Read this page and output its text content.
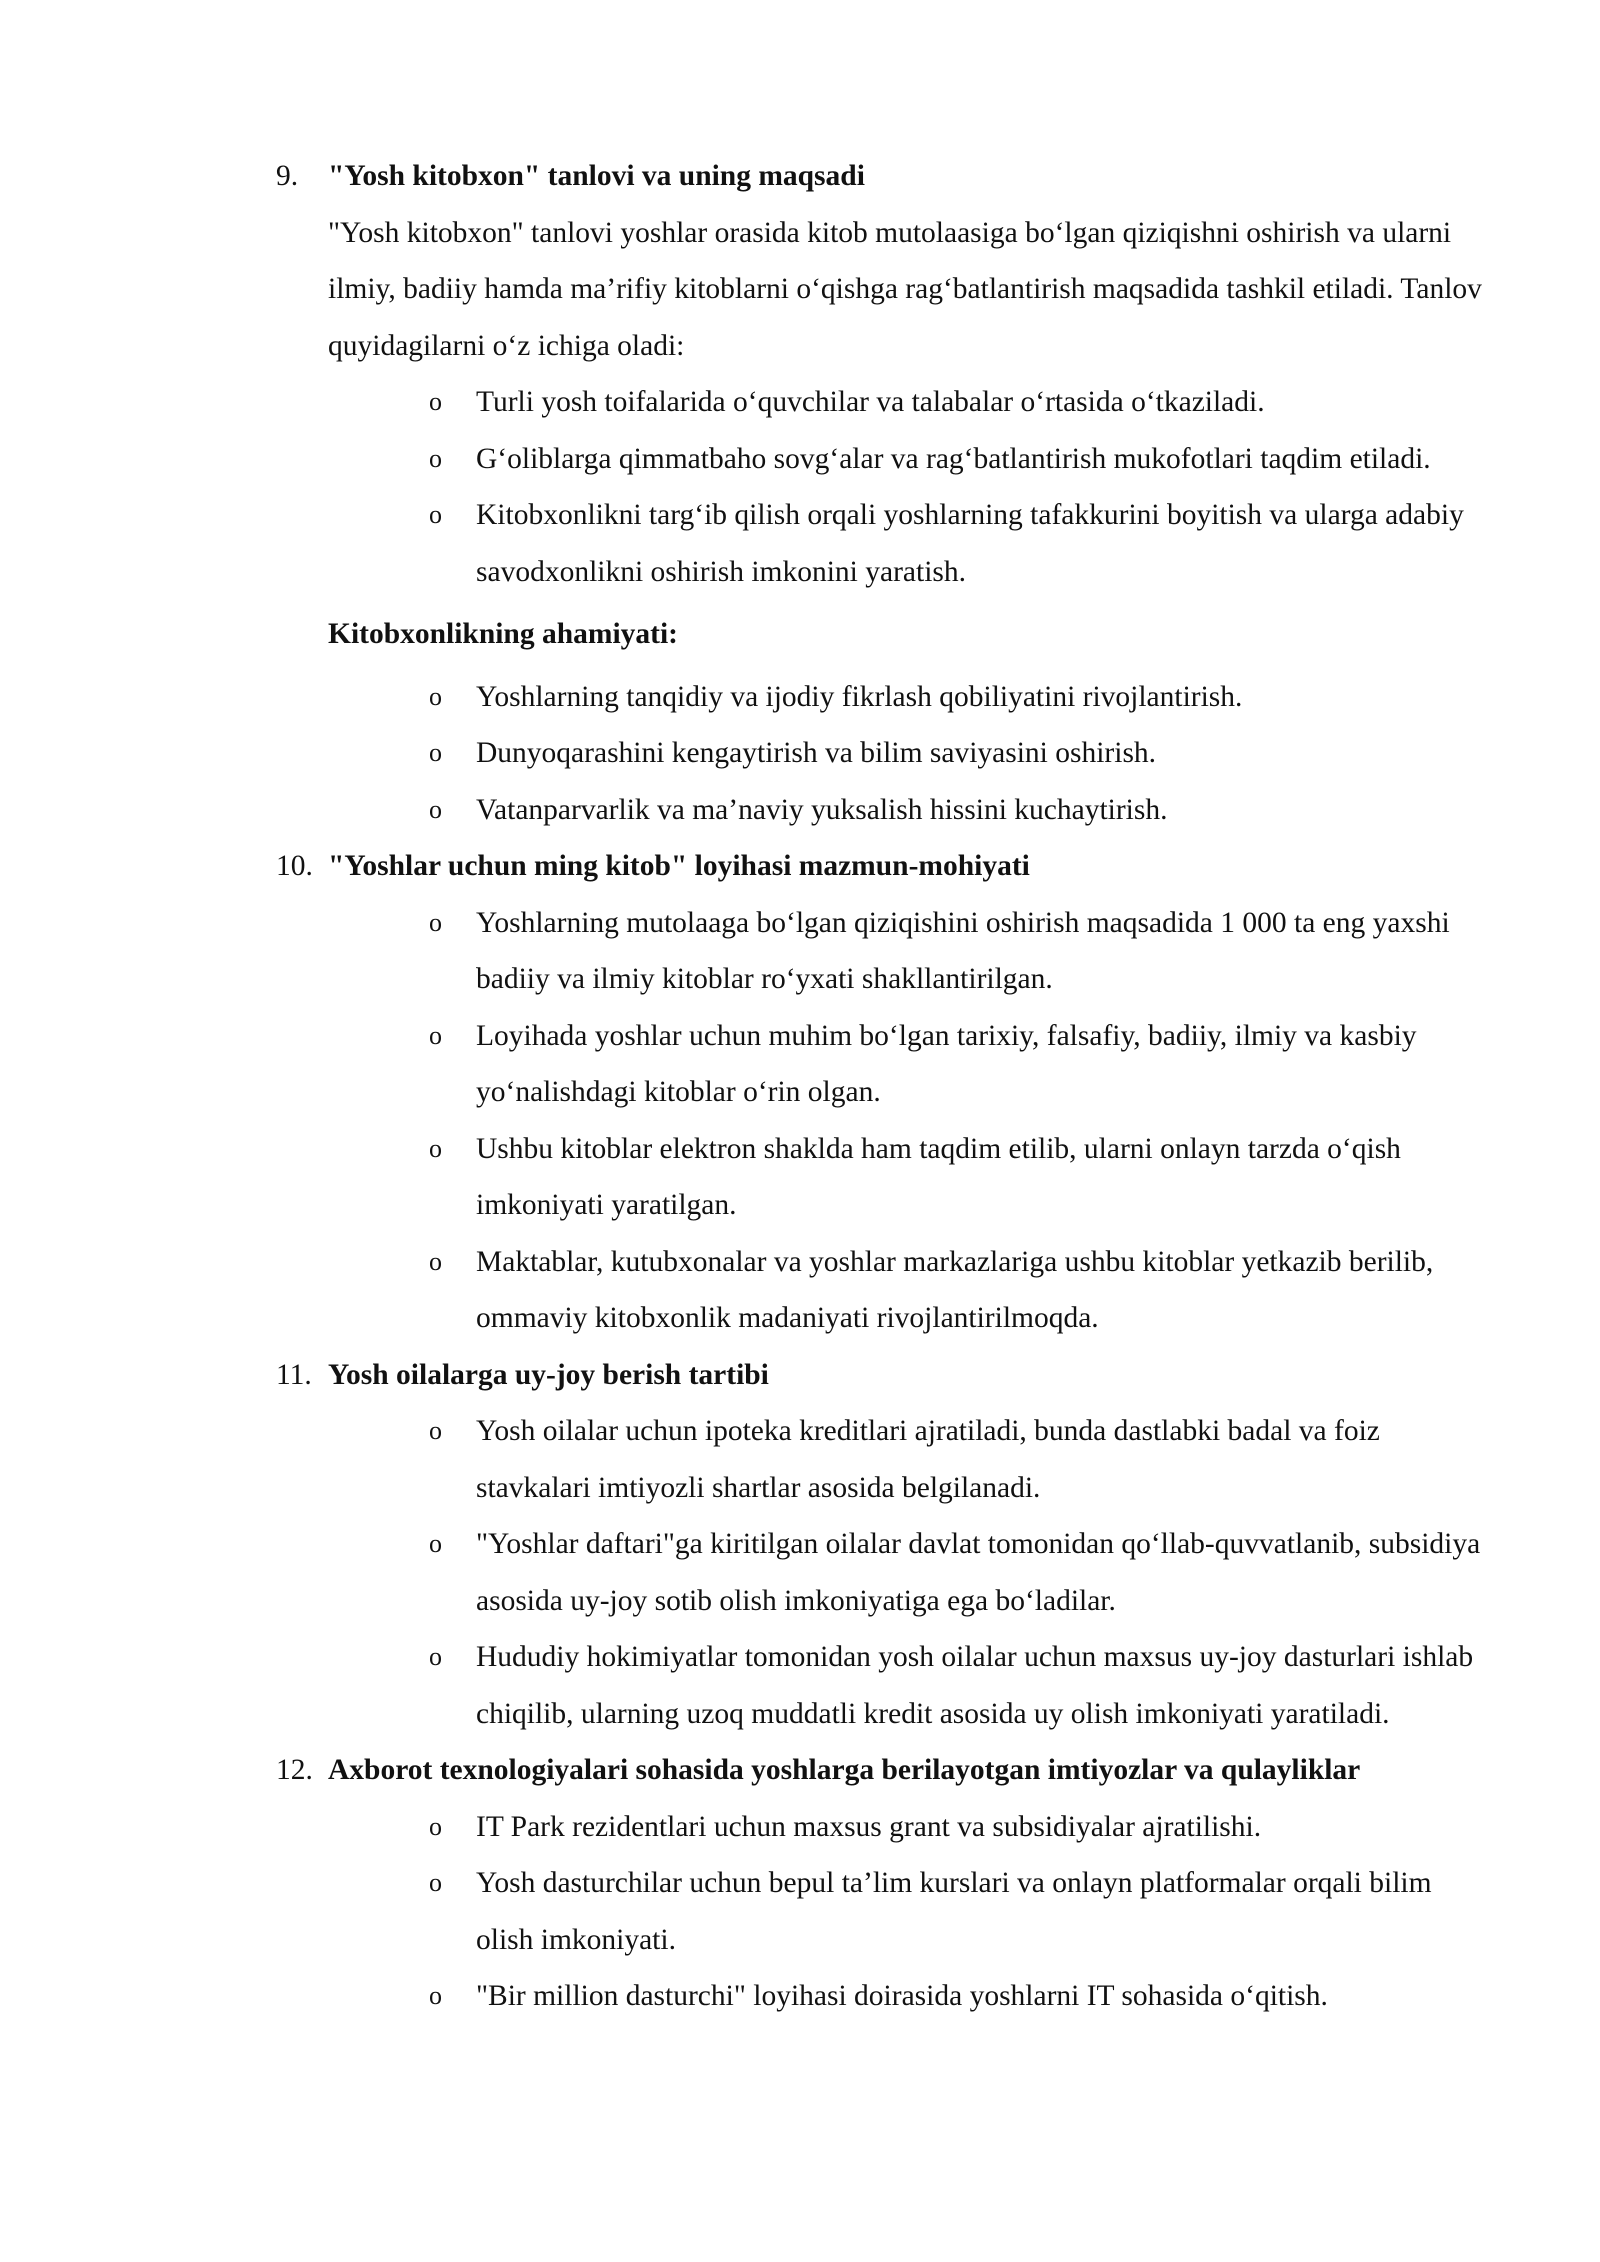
9. "Yosh kitobxon" tanlovi va uning maqsadi
"Yosh kitobxon" tanlovi yoshlar orasida kitob mutolaasiga bo‘lgan qiziqishni oshirish va ularni ilmiy, badiiy hamda ma’rifiy kitoblarni o‘qishga rag‘batlantirish maqsadida tashkil etiladi. Tanlov quyidagilarni o‘z ichiga oladi:
o Turli yosh toifalarida o‘quvchilar va talabalar o‘rtasida o‘tkaziladi.
o G‘oliblarga qimmatbaho sovg‘alar va rag‘batlantirish mukofotlari taqdim etiladi.
o Kitobxonlikni targ‘ib qilish orqali yoshlarning tafakkurini boyitish va ularga adabiy savodxonlikni oshirish imkonini yaratish.
Kitobxonlikning ahamiyati:
o Yoshlarning tanqidiy va ijodiy fikrlash qobiliyatini rivojlantirish.
o Dunyoqarashini kengaytirish va bilim saviyasini oshirish.
o Vatanparvarlik va ma’naviy yuksalish hissini kuchaytirish.
10. "Yoshlar uchun ming kitob" loyihasi mazmun-mohiyati
o Yoshlarning mutolaaga bo‘lgan qiziqishini oshirish maqsadida 1 000 ta eng yaxshi badiiy va ilmiy kitoblar ro‘yxati shakllantirilgan.
o Loyihada yoshlar uchun muhim bo‘lgan tarixiy, falsafiy, badiiy, ilmiy va kasbiy yo‘nalishdagi kitoblar o‘rin olgan.
o Ushbu kitoblar elektron shaklda ham taqdim etilib, ularni onlayn tarzda o‘qish imkoniyati yaratilgan.
o Maktablar, kutubxonalar va yoshlar markazlariga ushbu kitoblar yetkazib berilib, ommaviy kitobxonlik madaniyati rivojlantirilmoqda.
11. Yosh oilalarga uy-joy berish tartibi
o Yosh oilalar uchun ipoteka kreditlari ajratiladi, bunda dastlabki badal va foiz stavkalari imtiyozli shartlar asosida belgilanadi.
o "Yoshlar daftari"ga kiritilgan oilalar davlat tomonidan qo‘llab-quvvatlanib, subsidiya asosida uy-joy sotib olish imkoniyatiga ega bo‘ladilar.
o Hududiy hokimiyatlar tomonidan yosh oilalar uchun maxsus uy-joy dasturlari ishlab chiqilib, ularning uzoq muddatli kredit asosida uy olish imkoniyati yaratiladi.
12. Axborot texnologiyalari sohasida yoshlarga berilayotgan imtiyozlar va qulayliklar
o IT Park rezidentlari uchun maxsus grant va subsidiyalar ajratilishi.
o Yosh dasturchilar uchun bepul ta’lim kurslari va onlayn platformalar orqali bilim olish imkoniyati.
o "Bir million dasturchi" loyihasi doirasida yoshlarni IT sohasida o‘qitish.
